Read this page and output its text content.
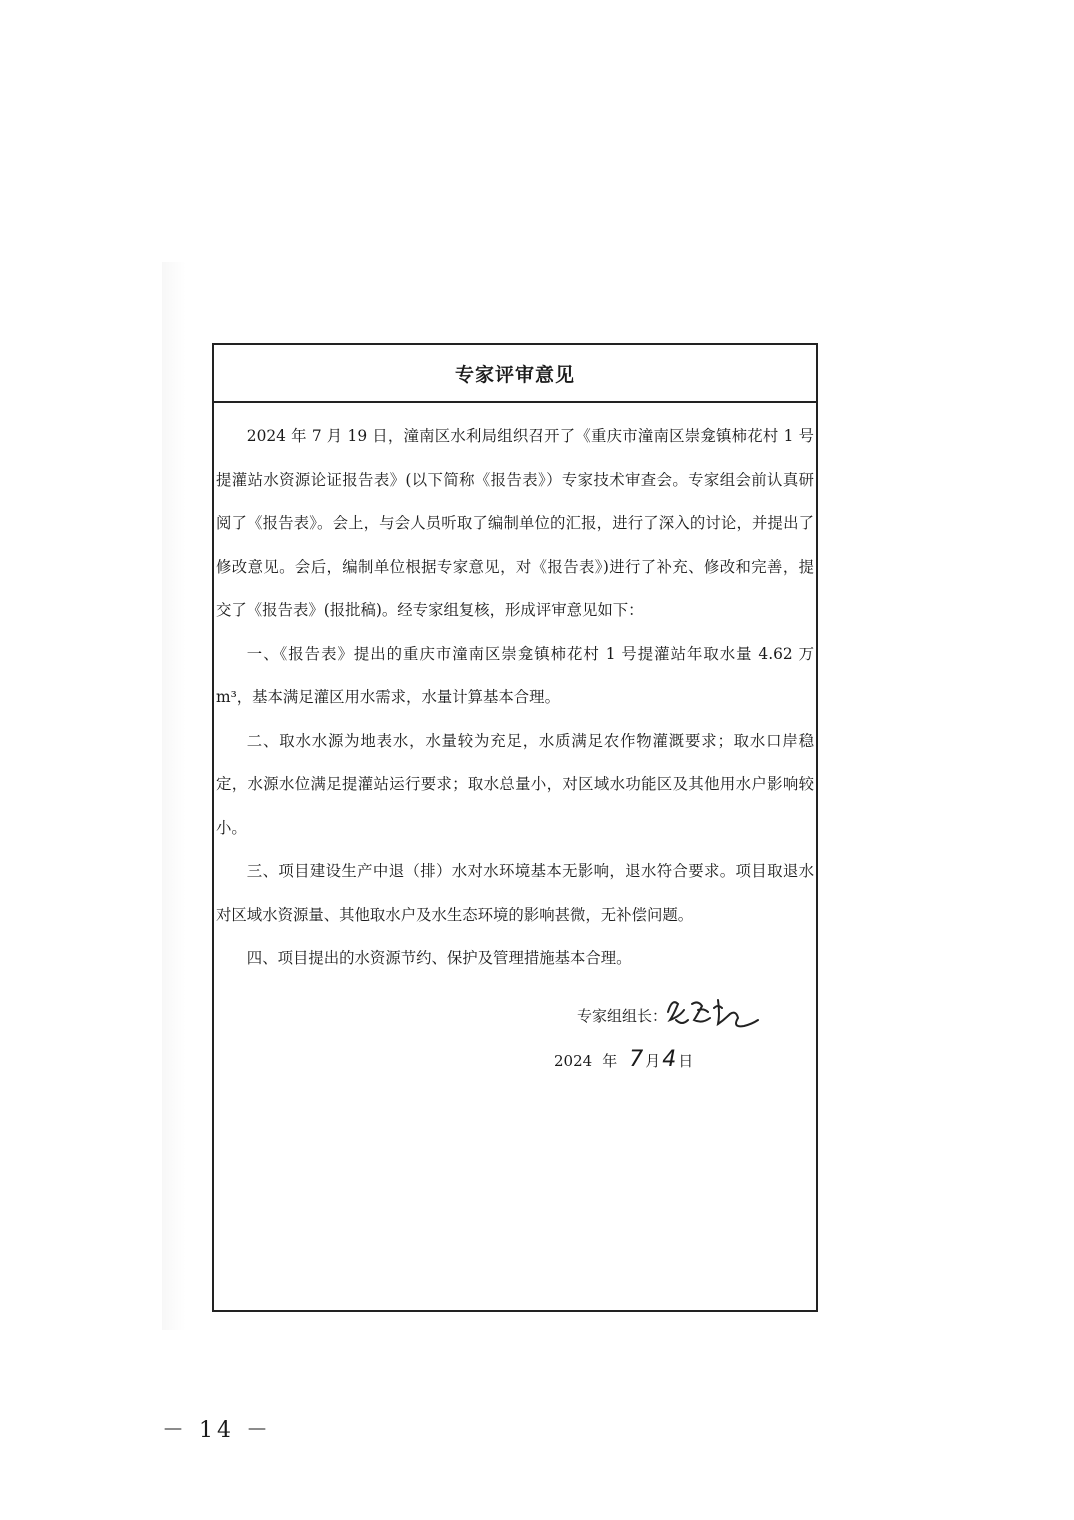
专家评审意见

2024 年 7 月 19 日，潼南区水利局组织召开了《重庆市潼南区崇龛镇柿花村 1 号提灌站水资源论证报告表》(以下简称《报告表》）专家技术审查会。专家组会前认真研阅了《报告表》。会上，与会人员听取了编制单位的汇报，进行了深入的讨论，并提出了修改意见。会后，编制单位根据专家意见，对《报告表》)进行了补充、修改和完善，提交了《报告表》(报批稿)。经专家组复核，形成评审意见如下：

一、《报告表》提出的重庆市潼南区崇龛镇柿花村 1 号提灌站年取水量 4.62 万 m³，基本满足灌区用水需求，水量计算基本合理。

二、取水水源为地表水，水量较为充足，水质满足农作物灌溉要求；取水口岸稳定，水源水位满足提灌站运行要求；取水总量小，对区域水功能区及其他用水户影响较小。

三、项目建设生产中退（排）水对水环境基本无影响，退水符合要求。项目取退水对区域水资源量、其他取水户及水生态环境的影响甚微，无补偿问题。

四、项目提出的水资源节约、保护及管理措施基本合理。

专家组组长：
2024 年 7 月 4 日
－ 14 －
